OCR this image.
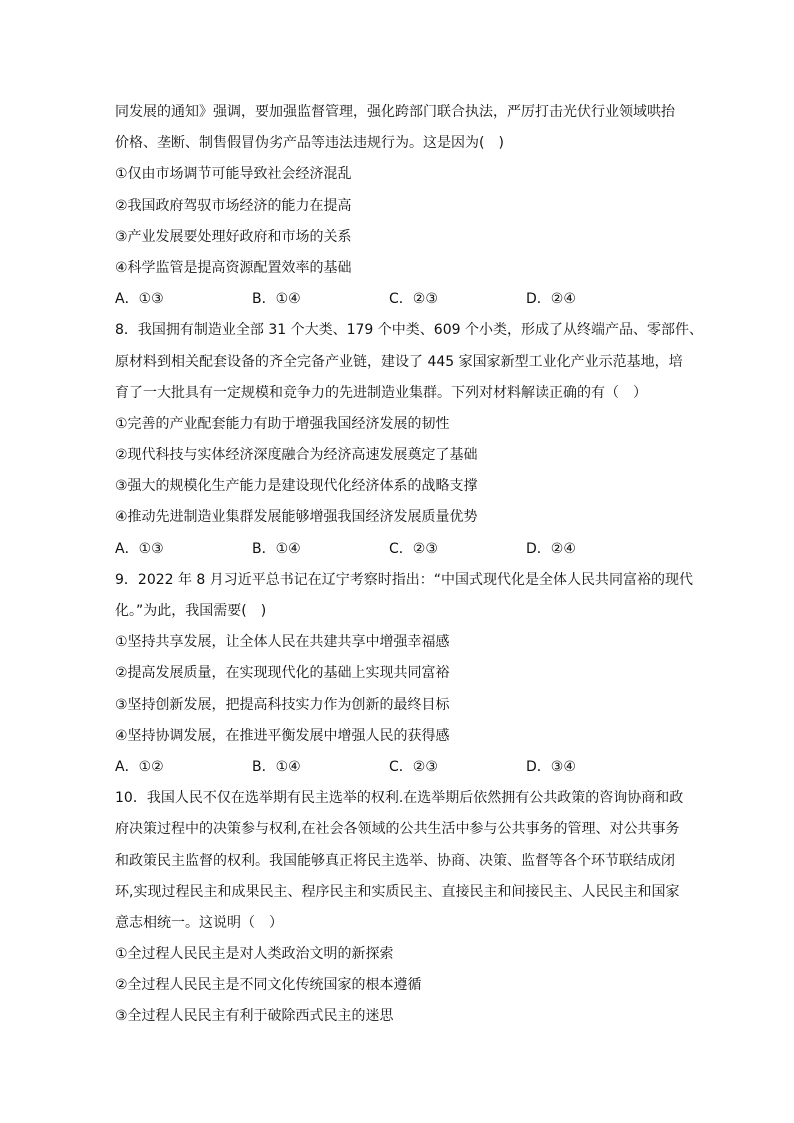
同发展的通知》强调，要加强监督管理，强化跨部门联合执法，严厉打击光伏行业领域哄抬
价格、垄断、制售假冒伪劣产品等违法违规行为。这是因为(　)
①仅由市场调节可能导致社会经济混乱
②我国政府驾驭市场经济的能力在提高
③产业发展要处理好政府和市场的关系
④科学监管是提高资源配置效率的基础
A．①③	B．①④	C．②③	D．②④
8．我国拥有制造业全部 31 个大类、179 个中类、609 个小类，形成了从终端产品、零部件、
原材料到相关配套设备的齐全完备产业链，建设了 445 家国家新型工业化产业示范基地，培
育了一大批具有一定规模和竞争力的先进制造业集群。下列对材料解读正确的有（　）
①完善的产业配套能力有助于增强我国经济发展的韧性
②现代科技与实体经济深度融合为经济高速发展奠定了基础
③强大的规模化生产能力是建设现代化经济体系的战略支撑
④推动先进制造业集群发展能够增强我国经济发展质量优势
A．①③	B．①④	C．②③	D．②④
9．2022 年 8 月习近平总书记在辽宁考察时指出：“中国式现代化是全体人民共同富裕的现代
化。”为此，我国需要(　)
①坚持共享发展，让全体人民在共建共享中增强幸福感
②提高发展质量，在实现现代化的基础上实现共同富裕
③坚持创新发展，把提高科技实力作为创新的最终目标
④坚持协调发展，在推进平衡发展中增强人民的获得感
A．①②	B．①④	C．②③	D．③④
10．我国人民不仅在选举期有民主选举的权利.在选举期后依然拥有公共政策的咨询协商和政
府决策过程中的决策参与权利,在社会各领域的公共生活中参与公共事务的管理、对公共事务
和政策民主监督的权利。我国能够真正将民主选举、协商、决策、监督等各个环节联结成闭
环,实现过程民主和成果民主、程序民主和实质民主、直接民主和间接民主、人民民主和国家
意志相统一。这说明（　）
①全过程人民民主是对人类政治文明的新探索
②全过程人民民主是不同文化传统国家的根本遵循
③全过程人民民主有利于破除西式民主的迷思
